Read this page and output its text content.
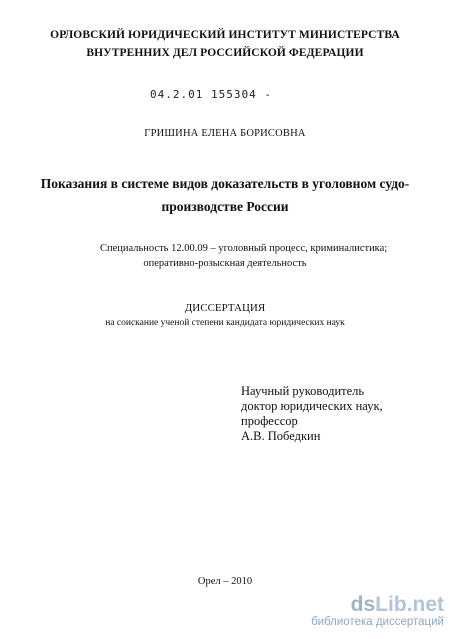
ОРЛОВСКИЙ ЮРИДИЧЕСКИЙ ИНСТИТУТ МИНИСТЕРСТВА
ВНУТРЕННИХ ДЕЛ РОССИЙСКОЙ ФЕДЕРАЦИИ
04.2.01 155304 -
ГРИШИНА ЕЛЕНА БОРИСОВНА
Показания в системе видов доказательств в уголовном судо-
производстве России
Специальность 12.00.09 – уголовный процесс, криминалистика;
оперативно-розыскная деятельность
ДИССЕРТАЦИЯ
на соискание ученой степени кандидата юридических наук
Научный руководитель
доктор юридических наук,
профессор
А.В. Победкин
Орел – 2010
dsLib.net
библиотека диссертаций
